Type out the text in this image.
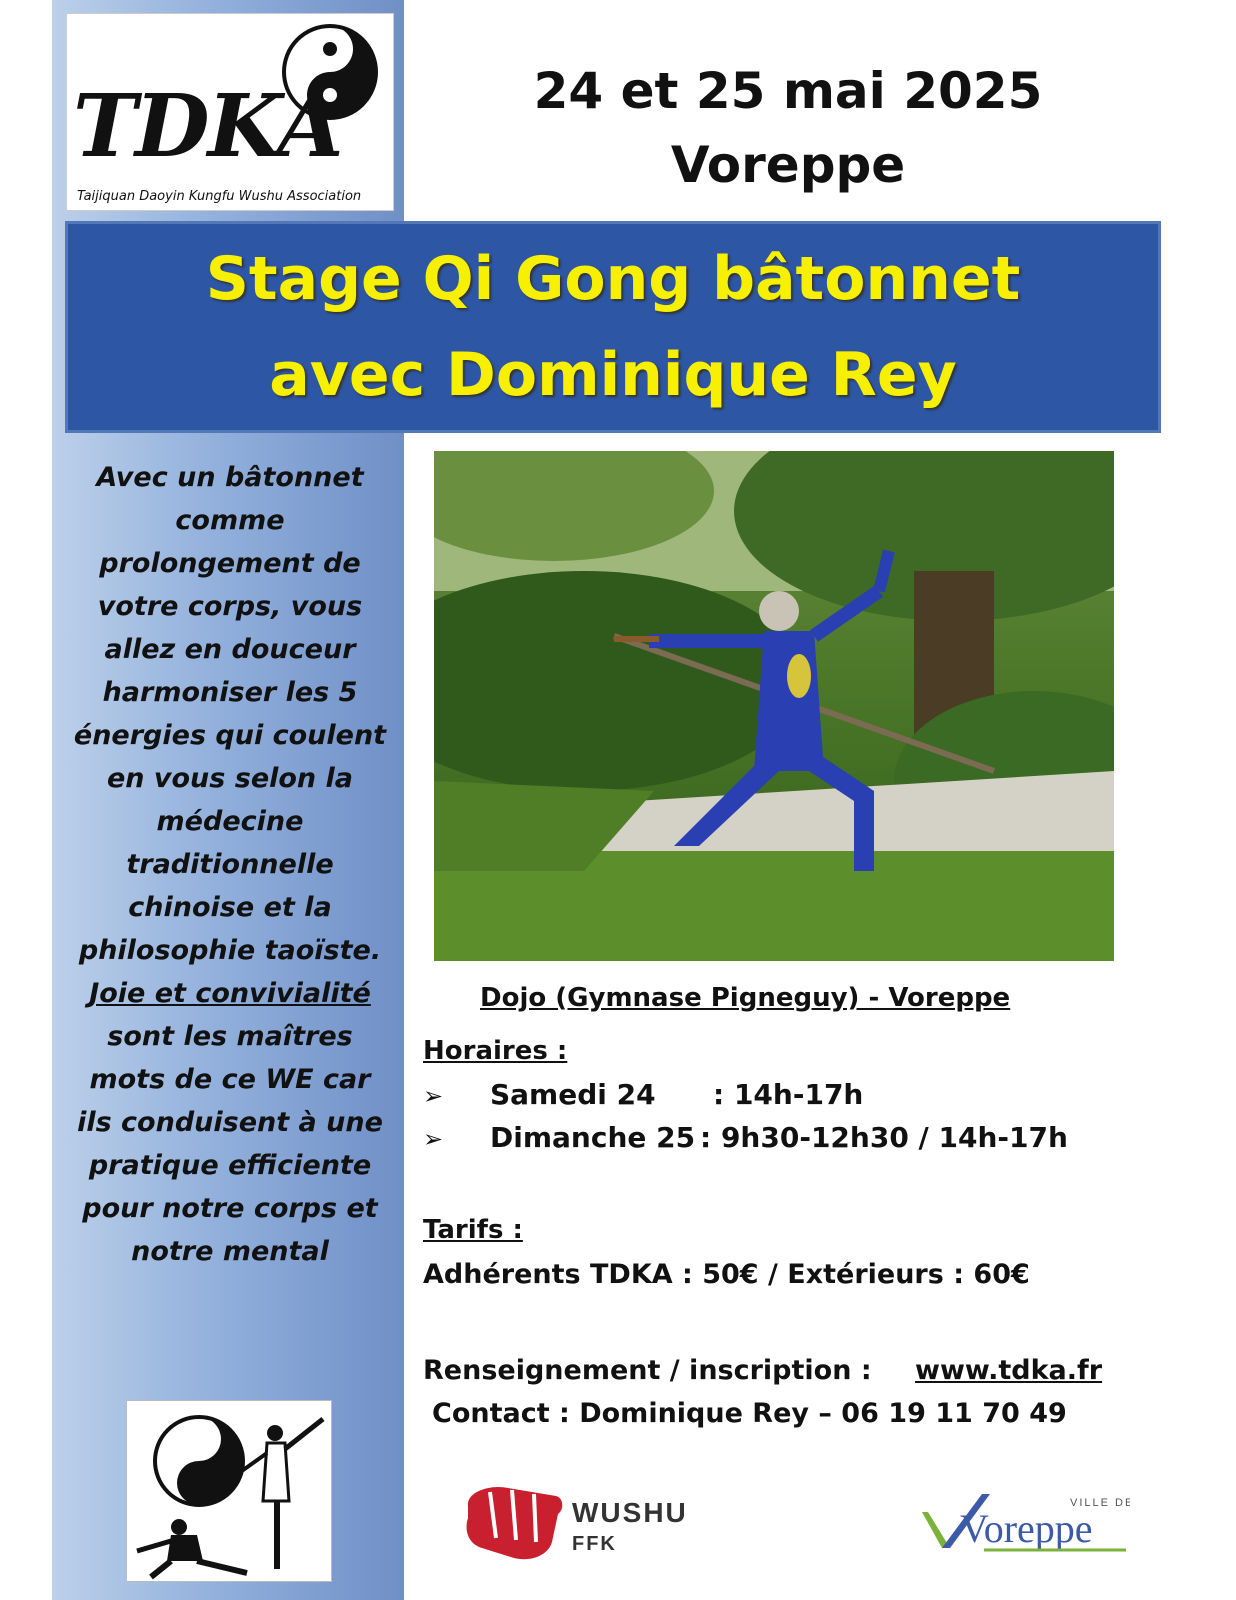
TDKA
Taijiquan Daoyin Kungfu Wushu Association
24 et 25 mai 2025
Voreppe
Stage Qi Gong bâtonnet
avec Dominique Rey
Avec un bâtonnet comme prolongement de votre corps, vous allez en douceur harmoniser les 5 énergies qui coulent en vous selon la médecine traditionnelle chinoise et la philosophie taoïste.
Joie et convivialité
sont les maîtres mots de ce WE car ils conduisent à une pratique efficiente pour notre corps et notre mental
Dojo (Gymnase Pigneguy) - Voreppe
Horaires :
➢ Samedi 24 : 14h-17h
➢ Dimanche 25 : 9h30-12h30 / 14h-17h
Tarifs :
Adhérents TDKA : 50€ / Extérieurs : 60€
Renseignement / inscription : www.tdka.fr
Contact : Dominique Rey – 06 19 11 70 49
WUSHU
FFK
VILLE DE
Voreppe
